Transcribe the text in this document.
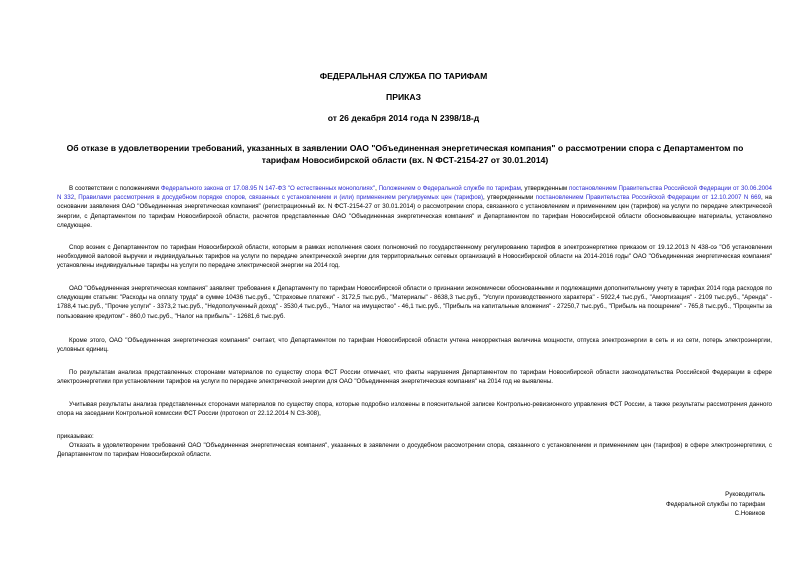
ФЕДЕРАЛЬНАЯ СЛУЖБА ПО ТАРИФАМ
ПРИКАЗ
от 26 декабря 2014 года N 2398/18-д
Об отказе в удовлетворении требований, указанных в заявлении ОАО "Объединенная энергетическая компания" о рассмотрении спора с Департаментом по тарифам Новосибирской области (вх. N ФСТ-2154-27 от 30.01.2014)
В соответствии с положениями Федерального закона от 17.08.95 N 147-ФЗ "О естественных монополиях", Положением о Федеральной службе по тарифам, утвержденным постановлением Правительства Российской Федерации от 30.06.2004 N 332, Правилами рассмотрения в досудебном порядке споров, связанных с установлением и (или) применением регулируемых цен (тарифов), утвержденными постановлением Правительства Российской Федерации от 12.10.2007 N 669, на основании заявления ОАО "Объединенная энергетическая компания" (регистрационный вх. N ФСТ-2154-27 от 30.01.2014) о рассмотрении спора, связанного с установлением и применением цен (тарифов) на услуги по передаче электрической энергии, с Департаментом по тарифам Новосибирской области, расчетов представленные ОАО "Объединенная энергетическая компания" и Департаментом по тарифам Новосибирской области обосновывающие материалы, установлено следующее.
Спор возник с Департаментом по тарифам Новосибирской области, которым в рамках исполнения своих полномочий по государственному регулированию тарифов в электроэнергетике приказом от 19.12.2013 N 438-оэ "Об установлении необходимой валовой выручки и индивидуальных тарифов на услуги по передаче электрической энергии для территориальных сетевых организаций в Новосибирской области на 2014-2016 годы" ОАО "Объединенная энергетическая компания" установлены индивидуальные тарифы на услуги по передаче электрической энергии на 2014 год.
ОАО "Объединенная энергетическая компания" заявляет требования к Департаменту по тарифам Новосибирской области о признании экономически обоснованными и подлежащими дополнительному учету в тарифах 2014 года расходов по следующим статьям: "Расходы на оплату труда" в сумме 10436 тыс.руб., "Страховые платежи" - 3172,5 тыс.руб., "Материалы" - 8638,3 тыс.руб., "Услуги производственного характера" - 5922,4 тыс.руб., "Амортизация" - 2109 тыс.руб., "Аренда" - 1788,4 тыс.руб., "Прочие услуги" - 3373,2 тыс.руб., "Недополученный доход" - 3530,4 тыс.руб., "Налог на имущество" - 46,1 тыс.руб., "Прибыль на капитальные вложения" - 27250,7 тыс.руб., "Прибыль на поощрение" - 765,8 тыс.руб., "Проценты за пользование кредитом" - 860,0 тыс.руб., "Налог на прибыль" - 12681,6 тыс.руб.
Кроме этого, ОАО "Объединенная энергетическая компания" считает, что Департаментом по тарифам Новосибирской области учтена некорректная величина мощности, отпуска электроэнергии в сеть и из сети, потерь электроэнергии, условных единиц.
По результатам анализа представленных сторонами материалов по существу спора ФСТ России отмечает, что факты нарушения Департаментом по тарифам Новосибирской области законодательства Российской Федерации в сфере электроэнергетики при установлении тарифов на услуги по передаче электрической энергии для ОАО "Объединенная энергетическая компания" на 2014 год не выявлены.
Учитывая результаты анализа представленных сторонами материалов по существу спора, которые подробно изложены в пояснительной записке Контрольно-ревизионного управления ФСТ России, а также результаты рассмотрения данного спора на заседании Контрольной комиссии ФСТ России (протокол от 22.12.2014 N СЗ-308),
приказываю:
Отказать в удовлетворении требований ОАО "Объединенная энергетическая компания", указанных в заявлении о досудебном рассмотрении спора, связанного с установлением и применением цен (тарифов) в сфере электроэнергетики, с Департаментом по тарифам Новосибирской области.
Руководитель
Федеральной службы по тарифам
С.Новиков
